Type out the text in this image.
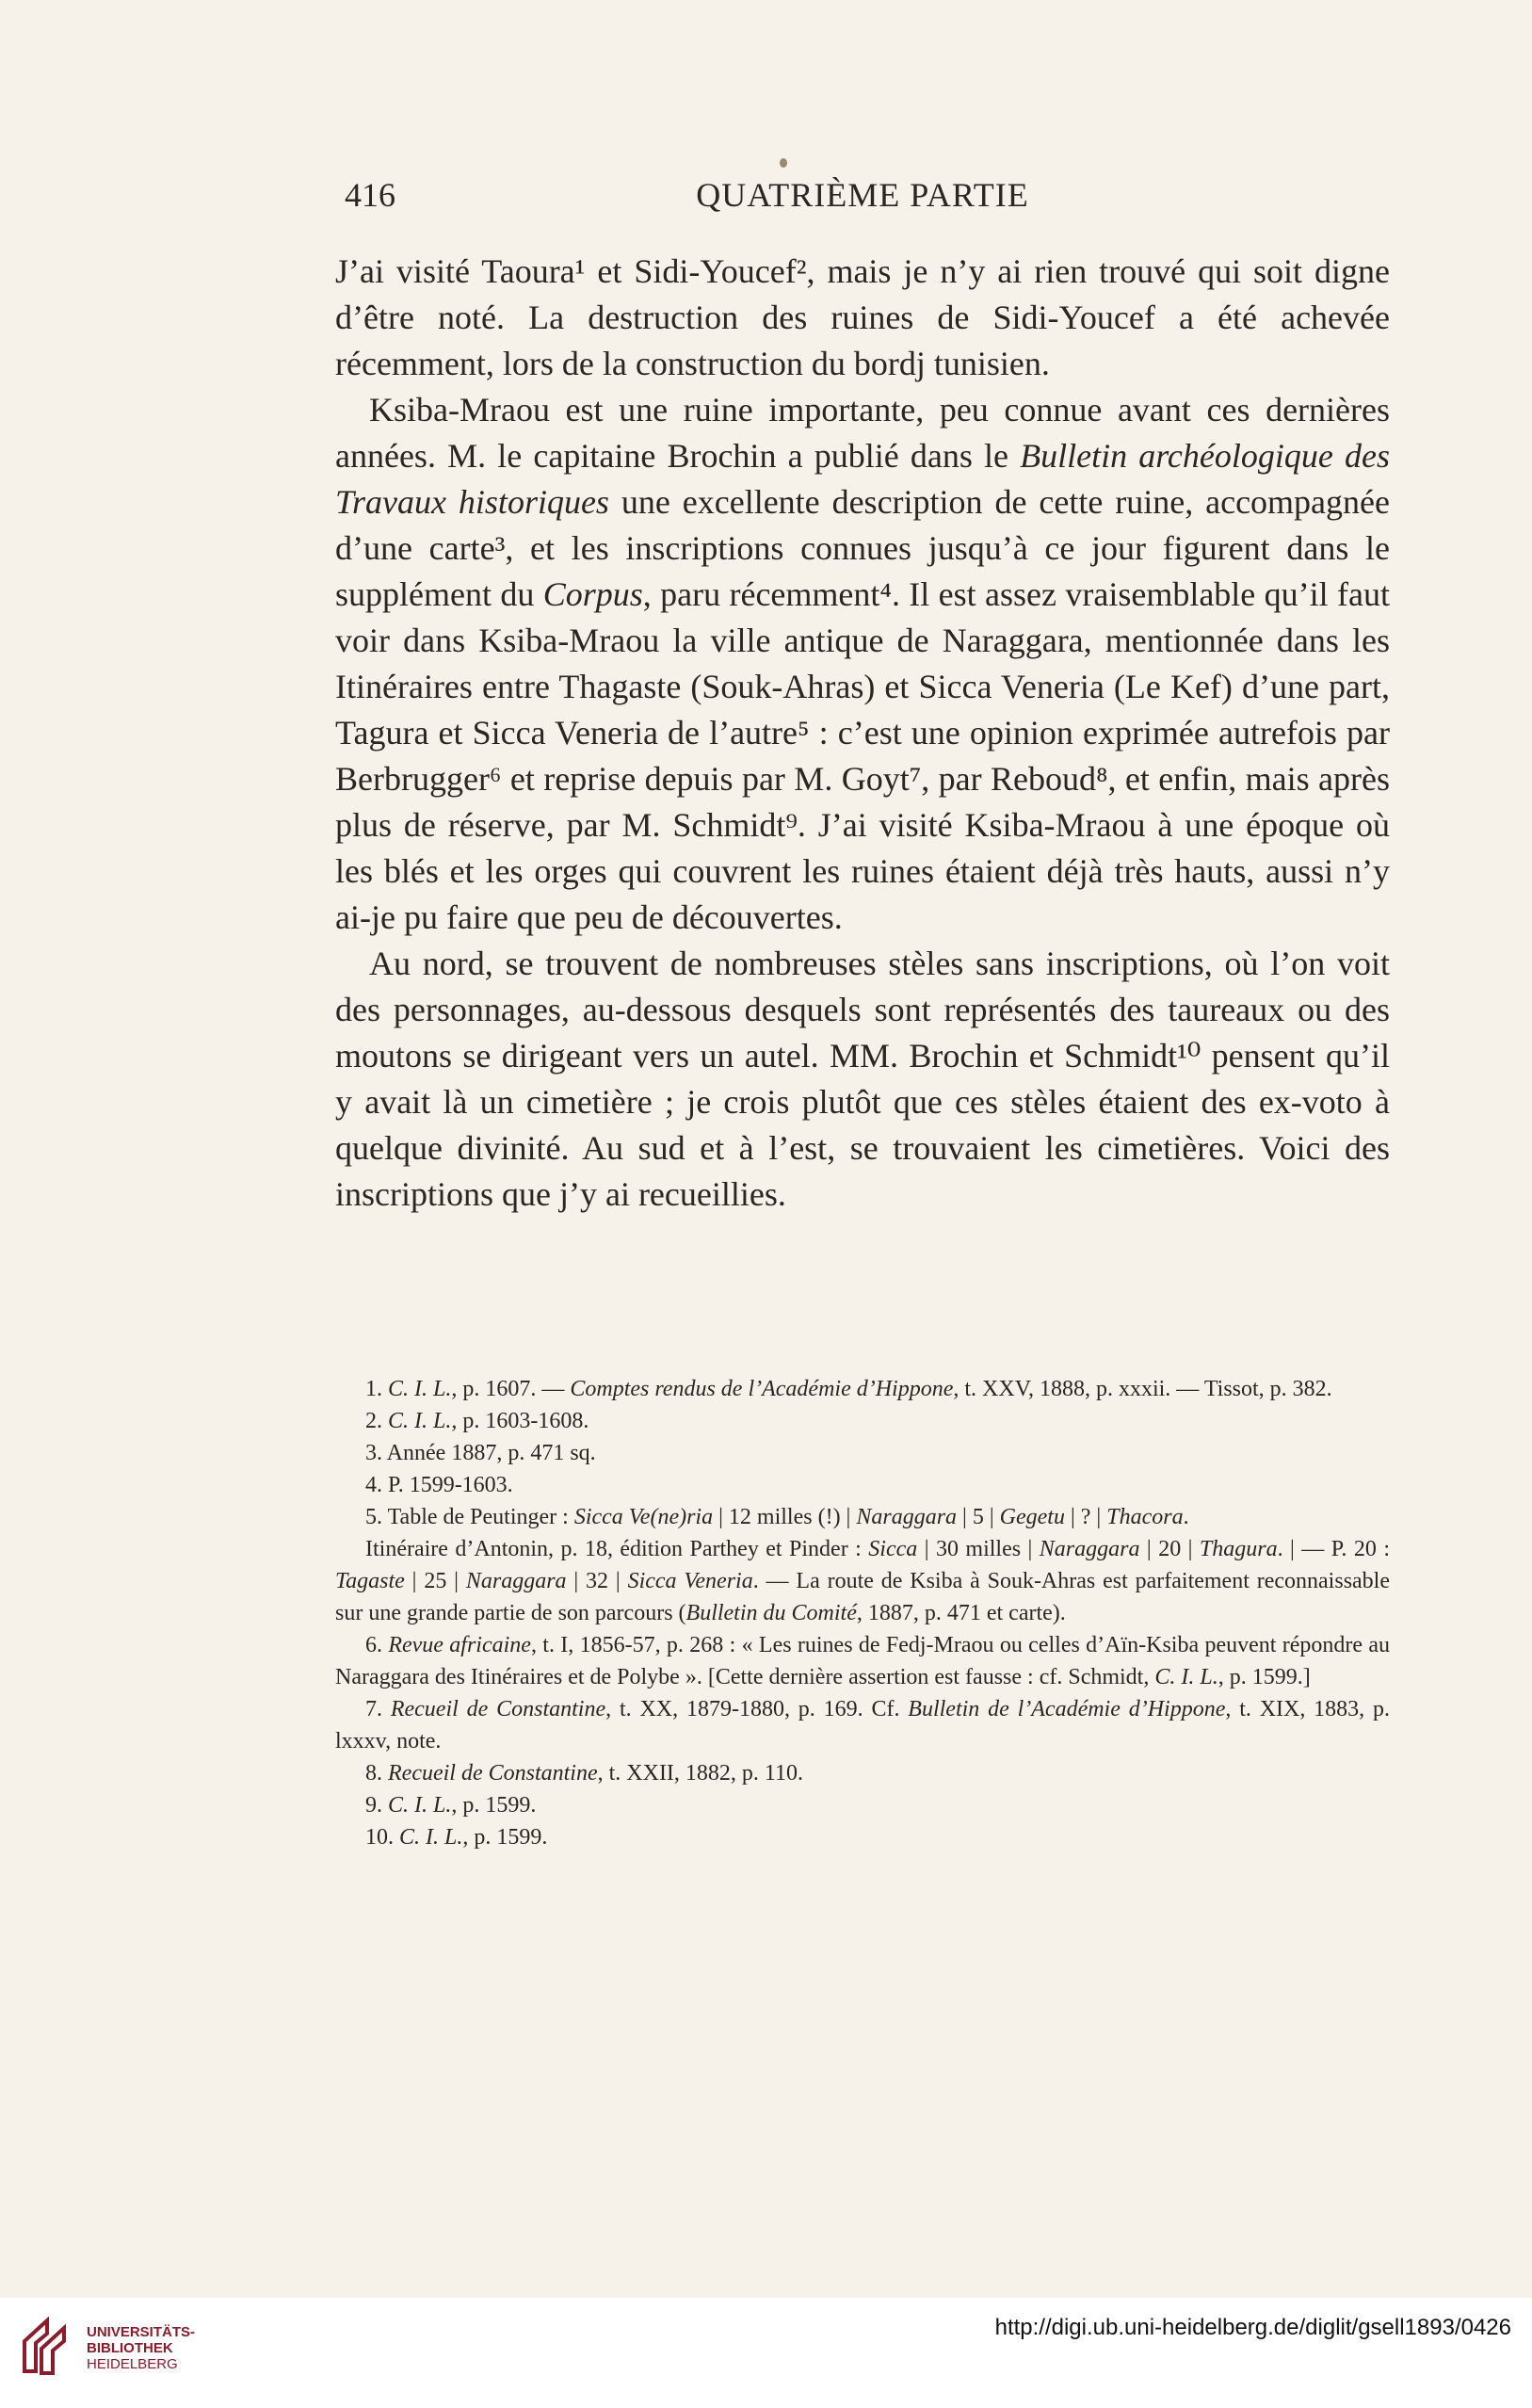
416	QUATRIÈME PARTIE

J’ai visité Taoura¹ et Sidi-Youcef², mais je n’y ai rien trouvé qui soit digne d’être noté. La destruction des ruines de Sidi-Youcef a été achevée récemment, lors de la construction du bordj tunisien.

Ksiba-Mraou est une ruine importante, peu connue avant ces dernières années. M. le capitaine Brochin a publié dans le Bulletin archéologique des Travaux historiques une excellente description de cette ruine, accompagnée d’une carte³, et les inscriptions connues jusqu’à ce jour figurent dans le supplément du Corpus, paru récemment⁴. Il est assez vraisemblable qu’il faut voir dans Ksiba-Mraou la ville antique de Naraggara, mentionnée dans les Itinéraires entre Thagaste (Souk-Ahras) et Sicca Veneria (Le Kef) d’une part, Tagura et Sicca Veneria de l’autre⁵ : c’est une opinion exprimée autrefois par Berbrugger⁶ et reprise depuis par M. Goyt⁷, par Reboud⁸, et enfin, mais après plus de réserve, par M. Schmidt⁹. J’ai visité Ksiba-Mraou à une époque où les blés et les orges qui couvrent les ruines étaient déjà très hauts, aussi n’y ai-je pu faire que peu de découvertes.

Au nord, se trouvent de nombreuses stèles sans inscriptions, où l’on voit des personnages, au-dessous desquels sont représentés des taureaux ou des moutons se dirigeant vers un autel. MM. Brochin et Schmidt¹⁰ pensent qu’il y avait là un cimetière ; je crois plutôt que ces stèles étaient des ex-voto à quelque divinité. Au sud et à l’est, se trouvaient les cimetières. Voici des inscriptions que j’y ai recueillies.

1. C. I. L., p. 1607. — Comptes rendus de l’Académie d’Hippone, t. XXV, 1888, p. xxxii. — Tissot, p. 382.

2. C. I. L., p. 1603-1608.

3. Année 1887, p. 471 sq.

4. P. 1599-1603.

5. Table de Peutinger : Sicca Ve(ne)ria | 12 milles (!) | Naraggara | 5 | Gegetu | ? | Thacora.

Itinéraire d’Antonin, p. 18, édition Parthey et Pinder : Sicca | 30 milles | Naraggara | 20 | Thagura. | — P. 20 : Tagaste | 25 | Naraggara | 32 | Sicca Veneria. — La route de Ksiba à Souk-Ahras est parfaitement reconnaissable sur une grande partie de son parcours (Bulletin du Comité, 1887, p. 471 et carte).

6. Revue africaine, t. I, 1856-57, p. 268 : « Les ruines de Fedj-Mraou ou celles d’Aïn-Ksiba peuvent répondre au Naraggara des Itinéraires et de Polybe ». [Cette dernière assertion est fausse : cf. Schmidt, C. I. L., p. 1599.]

7. Recueil de Constantine, t. XX, 1879-1880, p. 169. Cf. Bulletin de l’Académie d’Hippone, t. XIX, 1883, p. lxxxv, note.

8. Recueil de Constantine, t. XXII, 1882, p. 110.

9. C. I. L., p. 1599.

10. C. I. L., p. 1599.

UNIVERSITÄTS-
BIBLIOTHEK
HEIDELBERG
http://digi.ub.uni-heidelberg.de/diglit/gsell1893/0426
